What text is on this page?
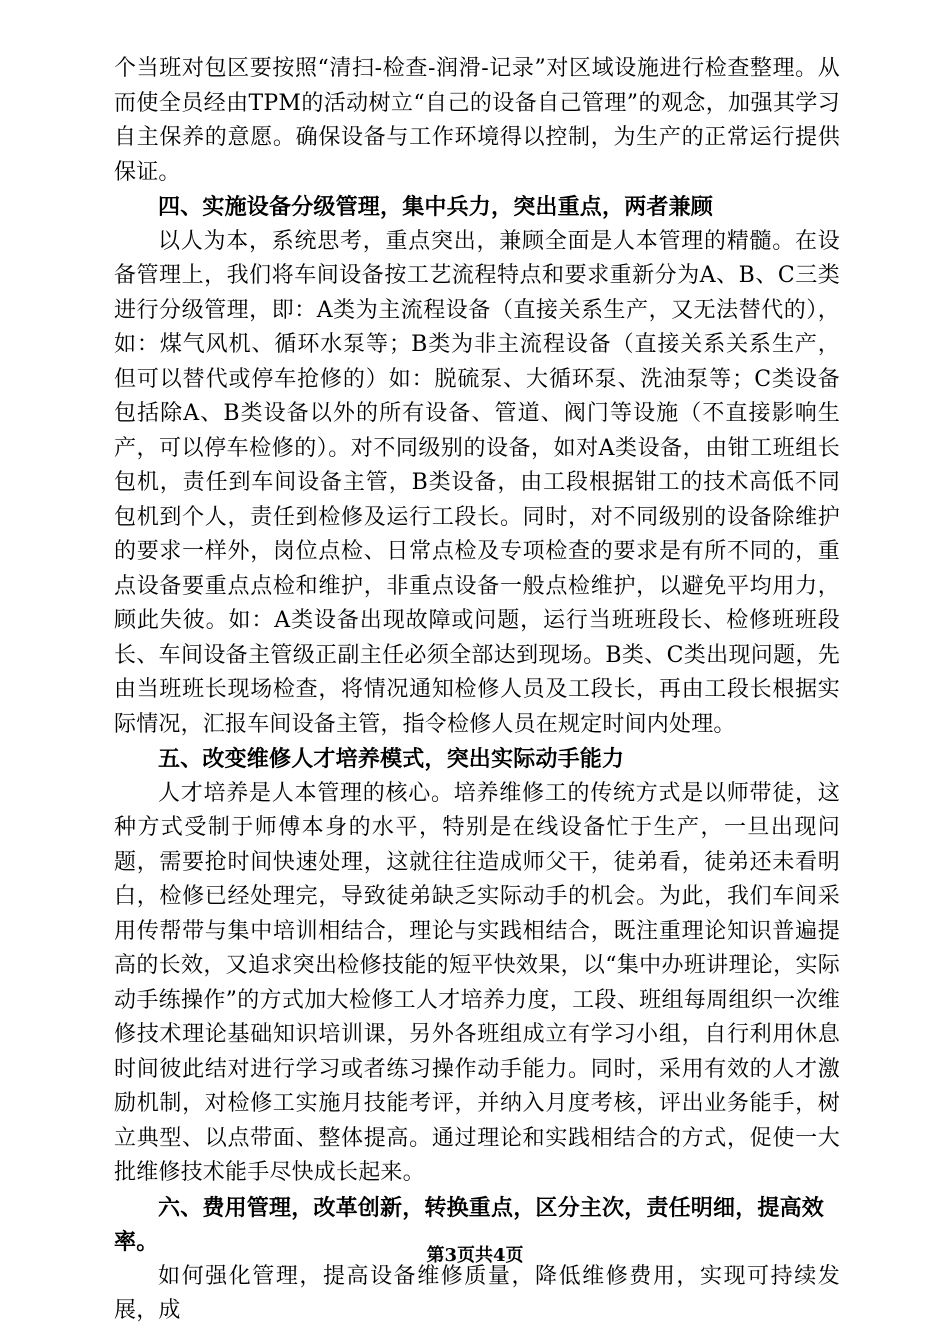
个当班对包区要按照“清扫-检查-润滑-记录”对区域设施进行检查整理。从而使全员经由TPM的活动树立“自己的设备自己管理”的观念，加强其学习自主保养的意愿。确保设备与工作环境得以控制，为生产的正常运行提供保证。

四、实施设备分级管理，集中兵力，突出重点，两者兼顾

以人为本，系统思考，重点突出，兼顾全面是人本管理的精髓。在设备管理上，我们将车间设备按工艺流程特点和要求重新分为A、B、C三类进行分级管理，即：A类为主流程设备（直接关系生产，又无法替代的），如：煤气风机、循环水泵等；B类为非主流程设备（直接关系关系生产，但可以替代或停车抢修的）如：脱硫泵、大循环泵、洗油泵等；C类设备包括除A、B类设备以外的所有设备、管道、阀门等设施（不直接影响生产，可以停车检修的）。对不同级别的设备，如对A类设备，由钳工班组长包机，责任到车间设备主管，B类设备，由工段根据钳工的技术高低不同包机到个人，责任到检修及运行工段长。同时，对不同级别的设备除维护的要求一样外，岗位点检、日常点检及专项检查的要求是有所不同的，重点设备要重点点检和维护，非重点设备一般点检维护，以避免平均用力，顾此失彼。如：A类设备出现故障或问题，运行当班班段长、检修班班段长、车间设备主管级正副主任必须全部达到现场。B类、C类出现问题，先由当班班长现场检查，将情况通知检修人员及工段长，再由工段长根据实际情况，汇报车间设备主管，指令检修人员在规定时间内处理。

五、改变维修人才培养模式，突出实际动手能力

人才培养是人本管理的核心。培养维修工的传统方式是以师带徒，这种方式受制于师傅本身的水平，特别是在线设备忙于生产，一旦出现问题，需要抢时间快速处理，这就往往造成师父干，徒弟看，徒弟还未看明白，检修已经处理完，导致徒弟缺乏实际动手的机会。为此，我们车间采用传帮带与集中培训相结合，理论与实践相结合，既注重理论知识普遍提高的长效，又追求突出检修技能的短平快效果，以“集中办班讲理论，实际动手练操作”的方式加大检修工人才培养力度，工段、班组每周组织一次维修技术理论基础知识培训课，另外各班组成立有学习小组，自行利用休息时间彼此结对进行学习或者练习操作动手能力。同时，采用有效的人才激励机制，对检修工实施月技能考评，并纳入月度考核，评出业务能手，树立典型、以点带面、整体提高。通过理论和实践相结合的方式，促使一大批维修技术能手尽快成长起来。

六、费用管理，改革创新，转换重点，区分主次，责任明细，提高效率。

如何强化管理，提高设备维修质量，降低维修费用，实现可持续发展，成

第3页共4页
